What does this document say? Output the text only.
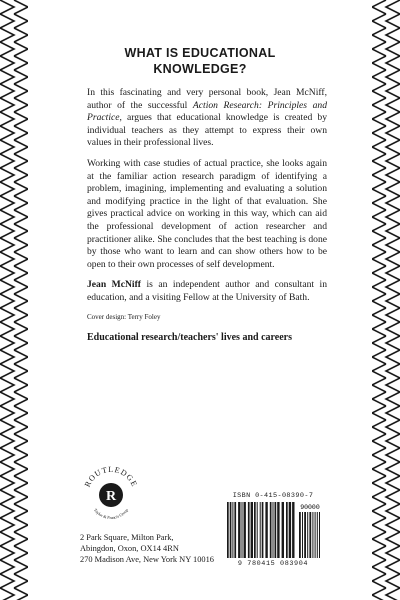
WHAT IS EDUCATIONAL
KNOWLEDGE?

In this fascinating and very personal book, Jean McNiff, author of the successful Action Research: Principles and Practice, argues that educational knowledge is created by individual teachers as they attempt to express their own values in their professional lives.

Working with case studies of actual practice, she looks again at the familiar action research paradigm of identifying a problem, imagining, implementing and evaluating a solution and modifying practice in the light of that evaluation. She gives practical advice on working in this way, which can aid the professional development of action researcher and practitioner alike. She concludes that the best teaching is done by those who want to learn and can show others how to be open to their own processes of self development.

Jean McNiff is an independent author and consultant in education, and a visiting Fellow at the University of Bath.

Cover design: Terry Foley

Educational research/teachers' lives and careers

R
ROUTLEDGE
Taylor & Francis Group
2 Park Square, Milton Park,
Abingdon, Oxon, OX14 4RN
270 Madison Ave, New York NY 10016
ISBN 0-415-08390-7
90000
9 780415 083904
